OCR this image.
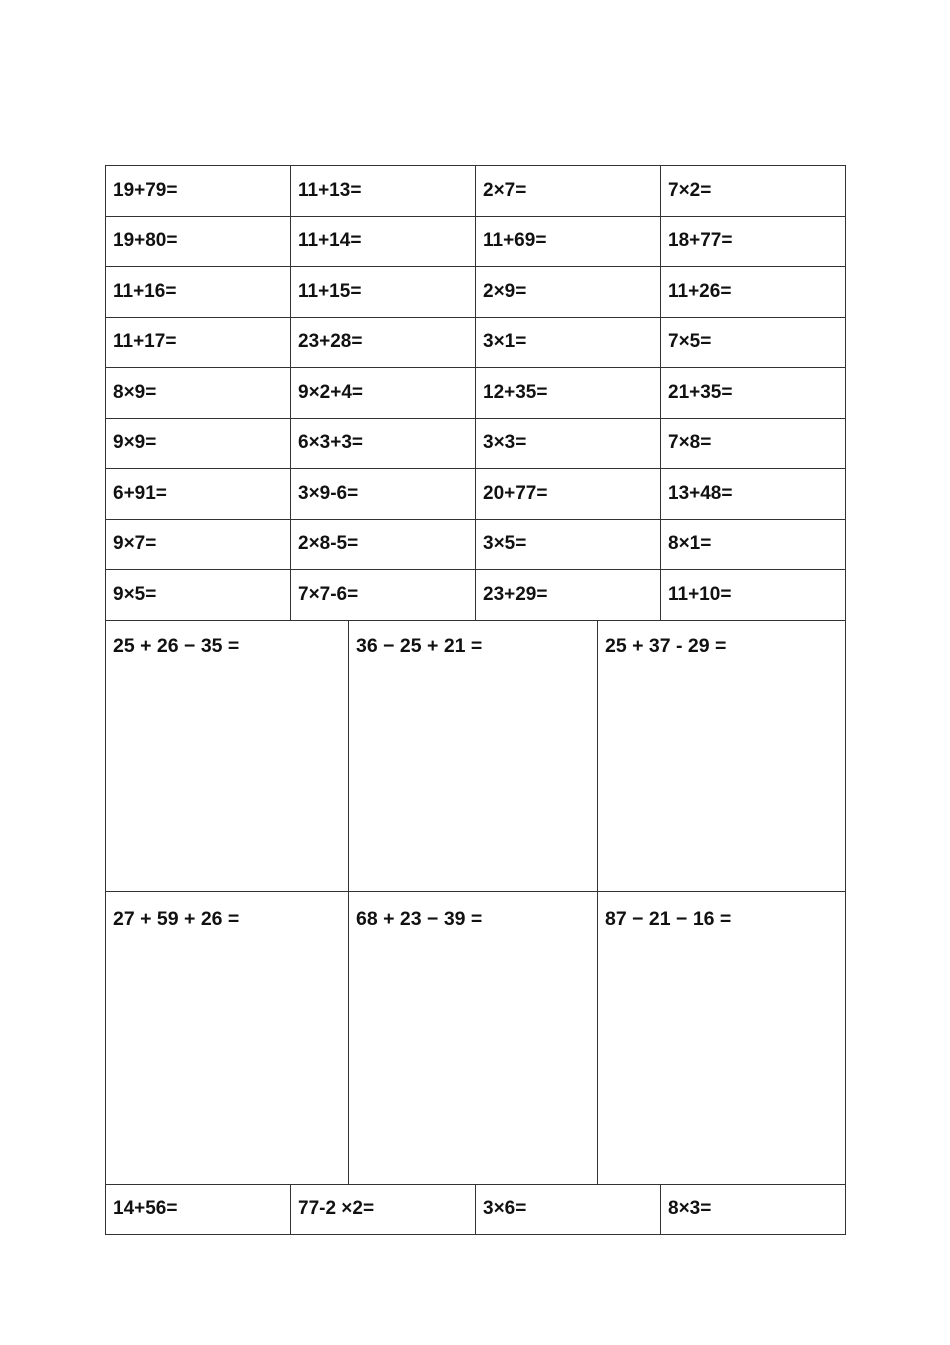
19+79=	11+13=	2×7=	7×2=
19+80=	11+14=	11+69=	18+77=
11+16=	11+15=	2×9=	11+26=
11+17=	23+28=	3×1=	7×5=
8×9=	9×2+4=	12+35=	21+35=
9×9=	6×3+3=	3×3=	7×8=
6+91=	3×9-6=	20+77=	13+48=
9×7=	2×8-5=	3×5=	8×1=
9×5=	7×7-6=	23+29=	11+10=
25 + 26 − 35 =	36 − 25 + 21 =	25 + 37 - 29 =
27 + 59 + 26 =	68 + 23 − 39 =	87 − 21 − 16 =
14+56=	77-2 ×2=	3×6=	8×3=
